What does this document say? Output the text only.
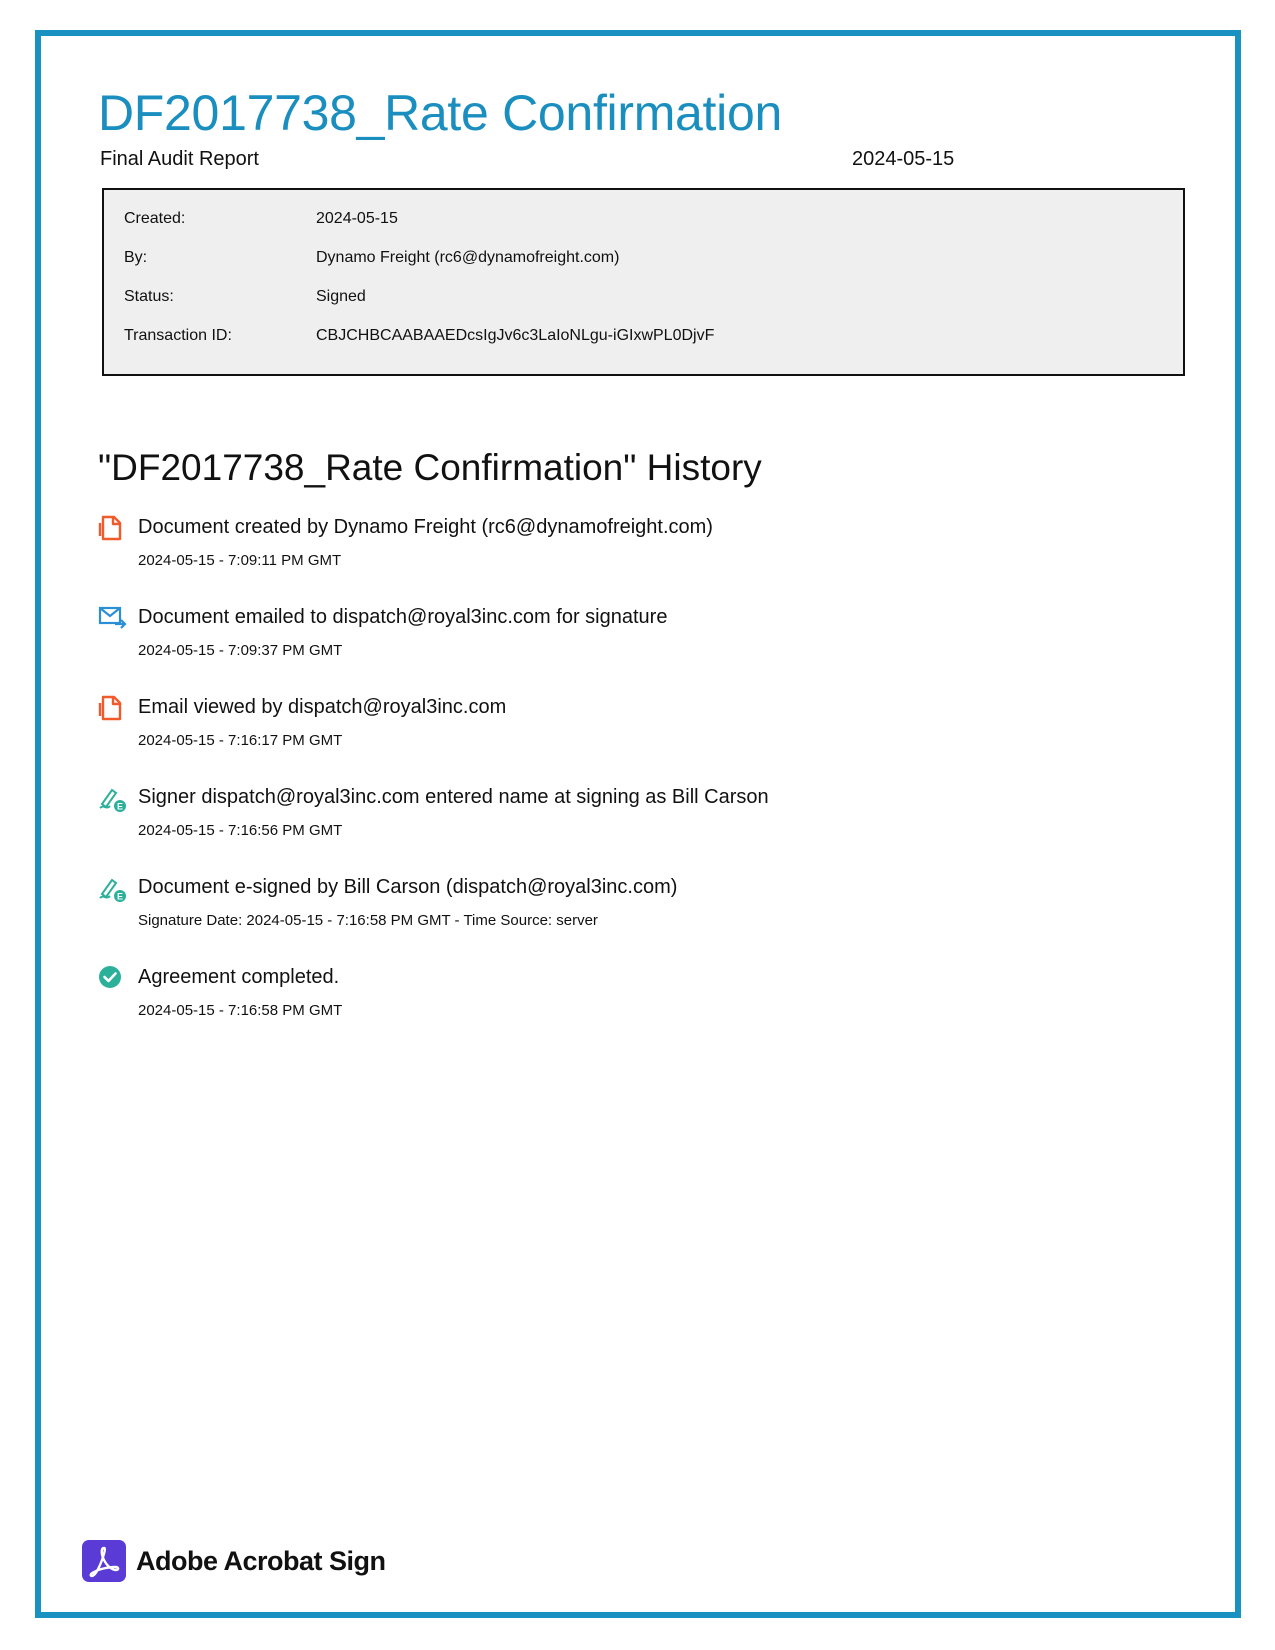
DF2017738_Rate Confirmation
Final Audit Report	2024-05-15
Created:	2024-05-15
By:	Dynamo Freight (rc6@dynamofreight.com)
Status:	Signed
Transaction ID:	CBJCHBCAABAAEDcsIgJv6c3LaIoNLgu-iGIxwPL0DjvF
"DF2017738_Rate Confirmation" History
Document created by Dynamo Freight (rc6@dynamofreight.com)
2024-05-15 - 7:09:11 PM GMT
Document emailed to dispatch@royal3inc.com for signature
2024-05-15 - 7:09:37 PM GMT
Email viewed by dispatch@royal3inc.com
2024-05-15 - 7:16:17 PM GMT
E Signer dispatch@royal3inc.com entered name at signing as Bill Carson
2024-05-15 - 7:16:56 PM GMT
E Document e-signed by Bill Carson (dispatch@royal3inc.com)
Signature Date: 2024-05-15 - 7:16:58 PM GMT - Time Source: server
Agreement completed.
2024-05-15 - 7:16:58 PM GMT
Adobe Acrobat Sign
